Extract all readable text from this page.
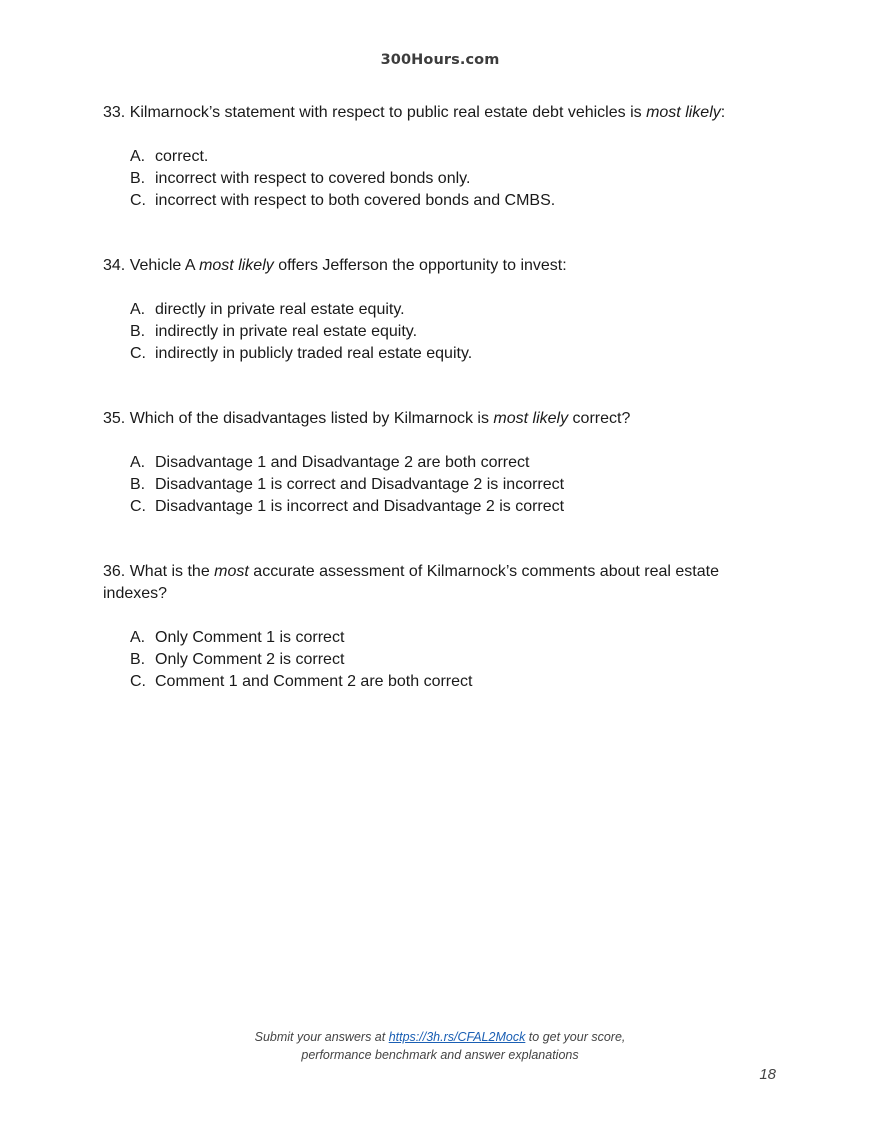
300Hours.com

33. Kilmarnock’s statement with respect to public real estate debt vehicles is most likely:

A. correct.
B. incorrect with respect to covered bonds only.
C. incorrect with respect to both covered bonds and CMBS.

34. Vehicle A most likely offers Jefferson the opportunity to invest:

A. directly in private real estate equity.
B. indirectly in private real estate equity.
C. indirectly in publicly traded real estate equity.

35. Which of the disadvantages listed by Kilmarnock is most likely correct?

A. Disadvantage 1 and Disadvantage 2 are both correct
B. Disadvantage 1 is correct and Disadvantage 2 is incorrect
C. Disadvantage 1 is incorrect and Disadvantage 2 is correct

36. What is the most accurate assessment of Kilmarnock’s comments about real estate indexes?

A. Only Comment 1 is correct
B. Only Comment 2 is correct
C. Comment 1 and Comment 2 are both correct
Submit your answers at https://3h.rs/CFAL2Mock to get your score,
performance benchmark and answer explanations
18
